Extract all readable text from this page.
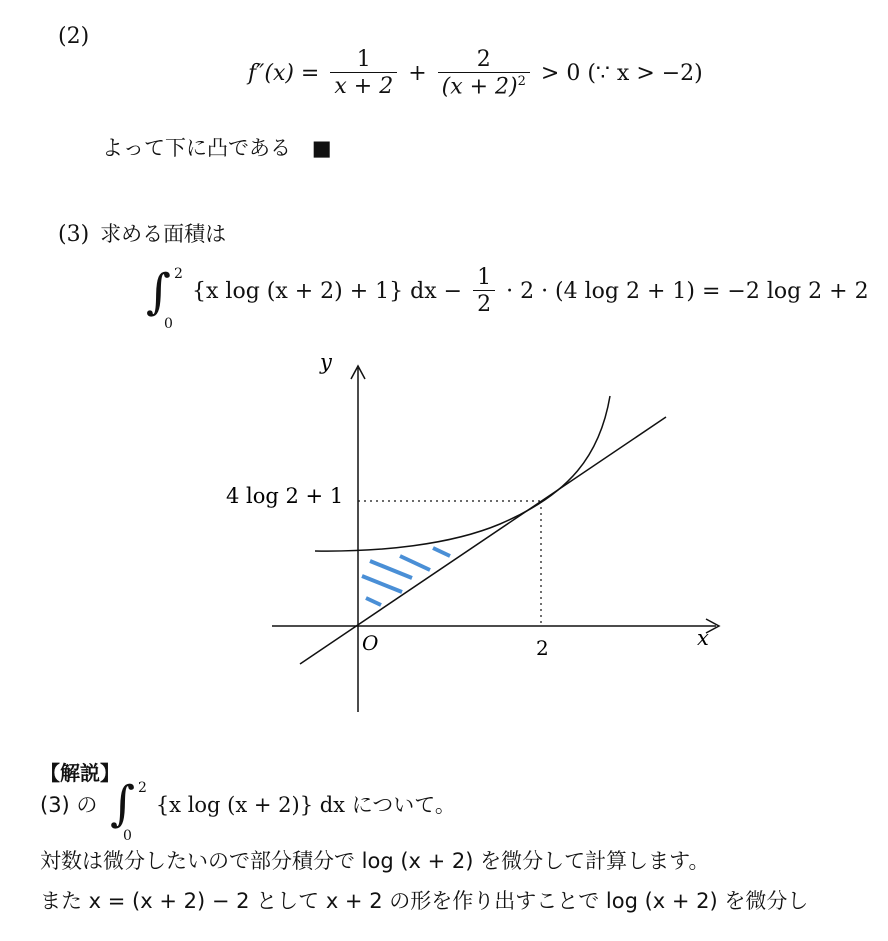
(2)
$f''(x) = \frac{1}{x + 2} + \frac{2}{(x + 2)^2} > 0$ (∵ x > −2)
よって下に凸である ■
(3) 求める面積は
∫ 2
0
{x log (x + 2) + 1} dx − $\frac{1}{2} \cdot 2 \cdot (4$ log 2 + 1) = −2 log 2 + 2
y
x
O
4 log 2 + 1
2
【解説】
(3) の ∫ 2
0
{x log (x + 2)} dx について。
対数は微分したいので部分積分で log (x + 2) を微分して計算します。
また x = (x + 2) − 2 として x + 2 の形を作り出すことで log (x + 2) を微分し
